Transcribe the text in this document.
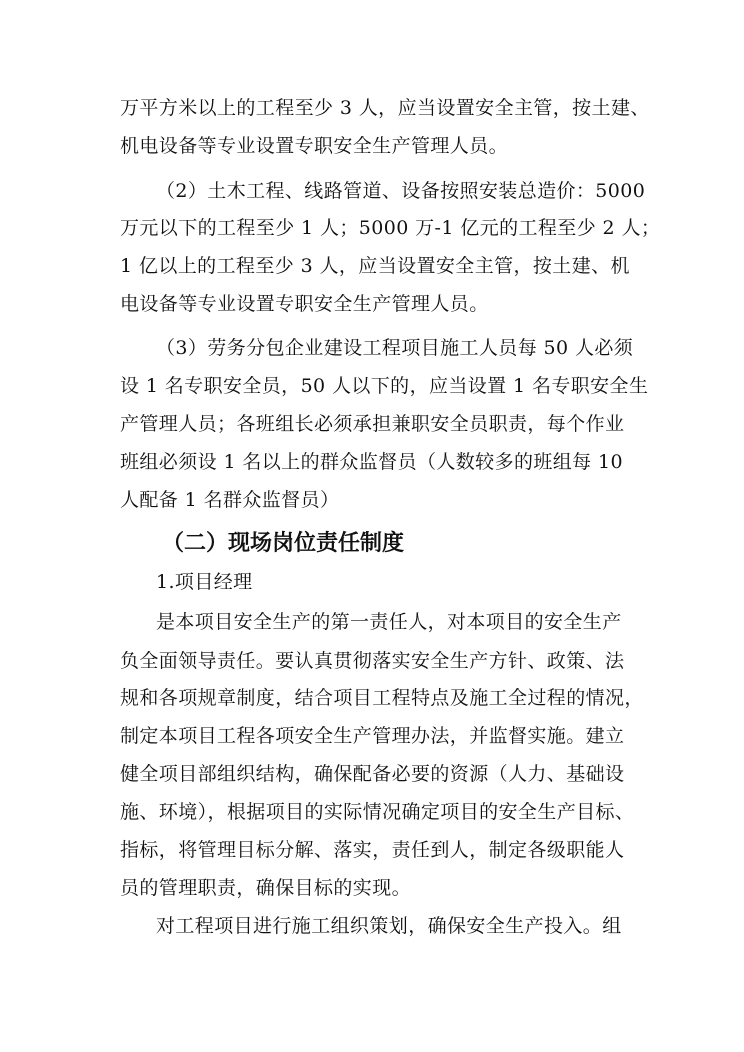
万平方米以上的工程至少 3 人，应当设置安全主管，按土建、
机电设备等专业设置专职安全生产管理人员。
（2）土木工程、线路管道、设备按照安装总造价：5000
万元以下的工程至少 1 人；5000 万-1 亿元的工程至少 2 人；
1 亿以上的工程至少 3 人，应当设置安全主管，按土建、机
电设备等专业设置专职安全生产管理人员。
（3）劳务分包企业建设工程项目施工人员每 50 人必须
设 1 名专职安全员，50 人以下的，应当设置 1 名专职安全生
产管理人员；各班组长必须承担兼职安全员职责，每个作业
班组必须设 1 名以上的群众监督员（人数较多的班组每 10
人配备 1 名群众监督员）
（二）现场岗位责任制度
1.项目经理
是本项目安全生产的第一责任人，对本项目的安全生产
负全面领导责任。要认真贯彻落实安全生产方针、政策、法
规和各项规章制度，结合项目工程特点及施工全过程的情况，
制定本项目工程各项安全生产管理办法，并监督实施。建立
健全项目部组织结构，确保配备必要的资源（人力、基础设
施、环境），根据项目的实际情况确定项目的安全生产目标、
指标，将管理目标分解、落实，责任到人，制定各级职能人
员的管理职责，确保目标的实现。
对工程项目进行施工组织策划，确保安全生产投入。组
